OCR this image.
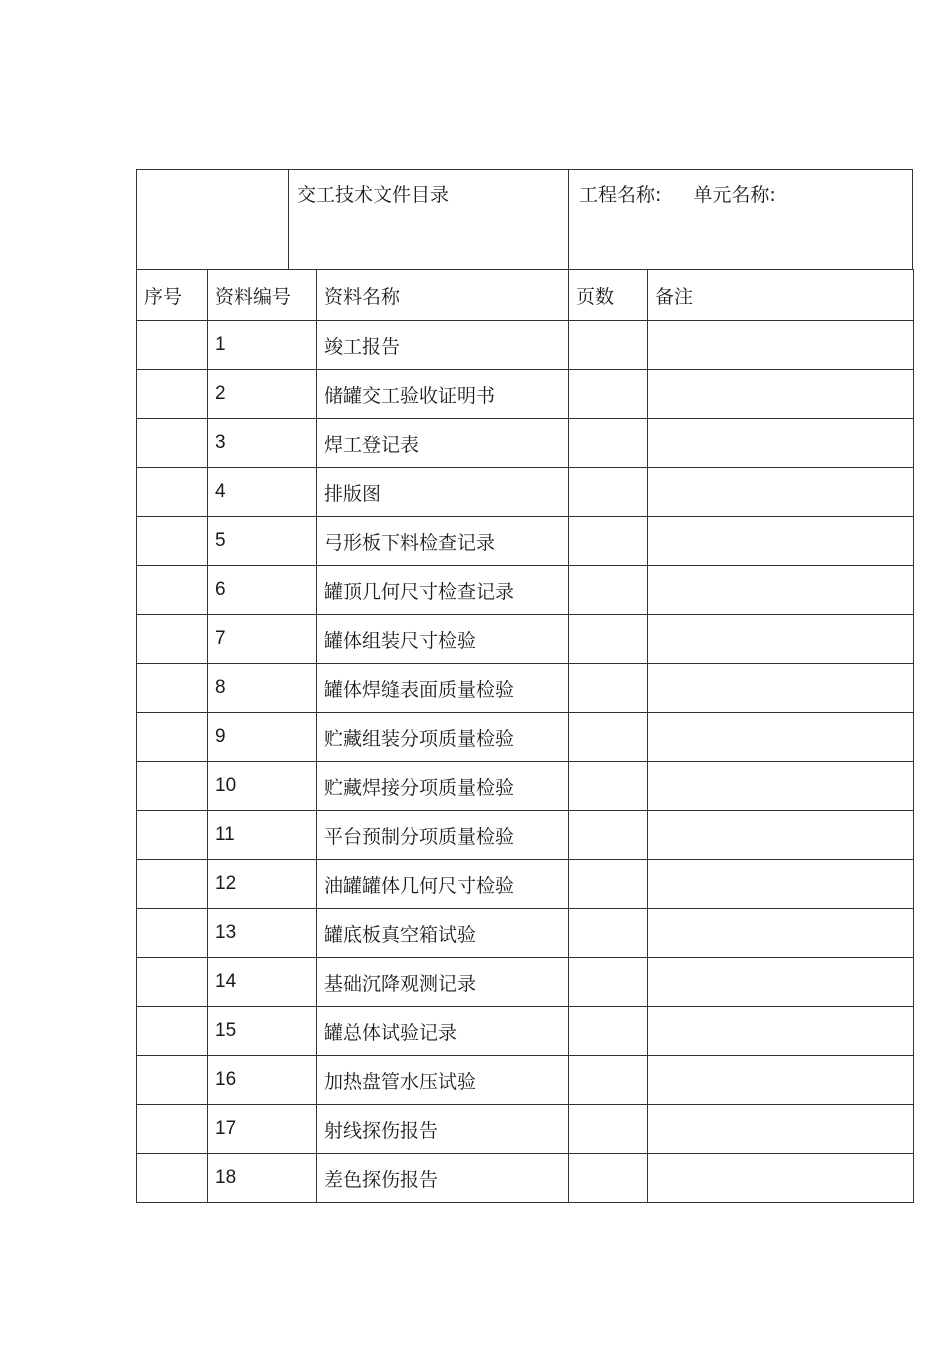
交工技术文件目录	工程名称: 单元名称:
序号	资料编号	资料名称	页数	备注
	1	竣工报告		
	2	储罐交工验收证明书		
	3	焊工登记表		
	4	排版图		
	5	弓形板下料检查记录		
	6	罐顶几何尺寸检查记录		
	7	罐体组装尺寸检验		
	8	罐体焊缝表面质量检验		
	9	贮藏组装分项质量检验		
	10	贮藏焊接分项质量检验		
	11	平台预制分项质量检验		
	12	油罐罐体几何尺寸检验		
	13	罐底板真空箱试验		
	14	基础沉降观测记录		
	15	罐总体试验记录		
	16	加热盘管水压试验		
	17	射线探伤报告		
	18	差色探伤报告		
